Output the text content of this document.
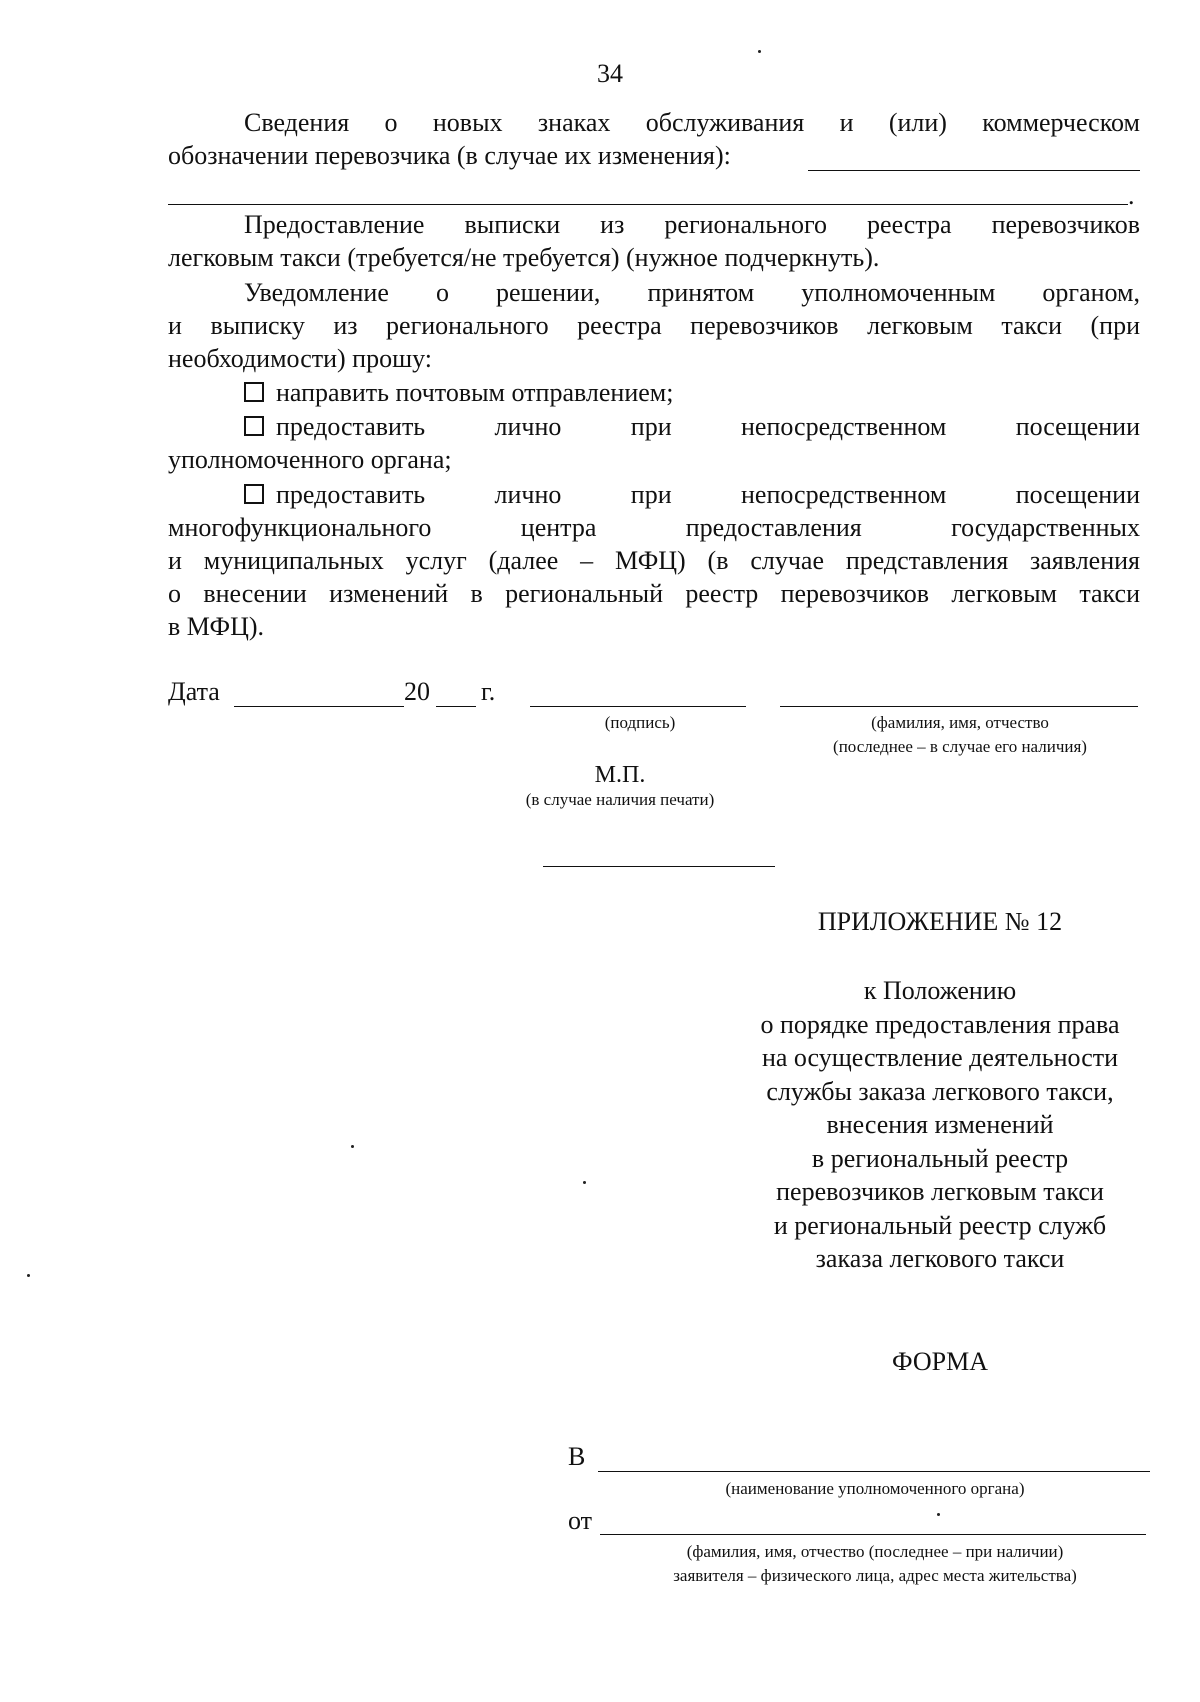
34
Сведения о новых знаках обслуживания и (или) коммерческом
обозначении перевозчика (в случае их изменения):
.
Предоставление выписки из регионального реестра перевозчиков
легковым такси (требуется/не требуется) (нужное подчеркнуть).
Уведомление о решении, принятом уполномоченным органом,
и выписку из регионального реестра перевозчиков легковым такси (при
необходимости) прошу:
направить почтовым отправлением;
предоставить лично при непосредственном посещении
уполномоченного органа;
предоставить лично при непосредственном посещении
многофункционального центра предоставления государственных
и муниципальных услуг (далее – МФЦ) (в случае представления заявления
о внесении изменений в региональный реестр перевозчиков легковым такси
в МФЦ).
Дата	20 г.
(подпись)	(фамилия, имя, отчество
(последнее – в случае его наличия)
М.П.
(в случае наличия печати)
ПРИЛОЖЕНИЕ № 12
к Положению
о порядке предоставления права
на осуществление деятельности
службы заказа легкового такси,
внесения изменений
в региональный реестр
перевозчиков легковым такси
и региональный реестр служб
заказа легкового такси
ФОРМА
В
(наименование уполномоченного органа)
от
(фамилия, имя, отчество (последнее – при наличии)
заявителя – физического лица, адрес места жительства)
